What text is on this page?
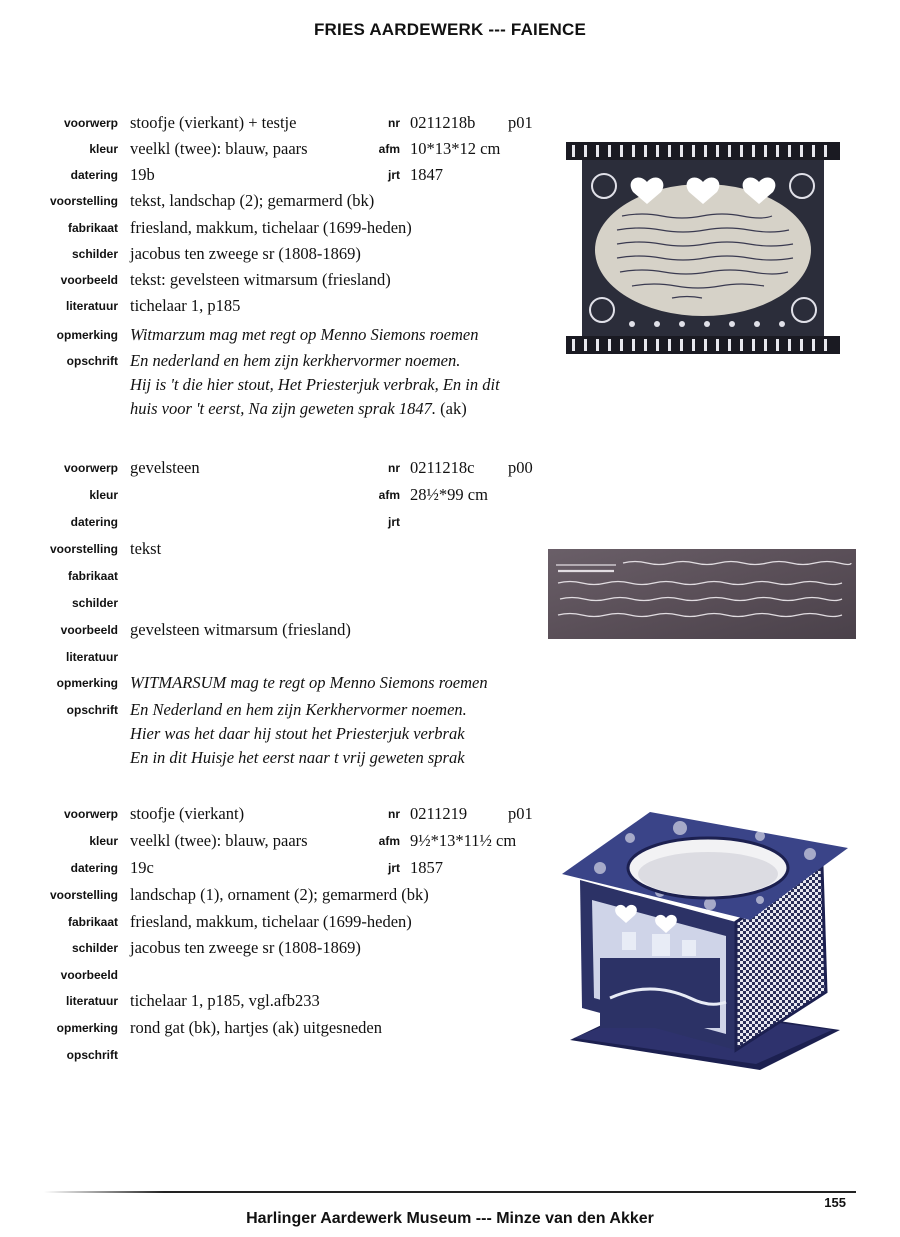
FRIES AARDEWERK --- FAIENCE
voorwerp stoofje (vierkant) + testje	nr 0211218b p01
kleur veelkl (twee): blauw, paars	afm 10*13*12 cm
datering 19b	jrt 1847
voorstelling tekst, landschap (2); gemarmerd (bk)
fabrikaat friesland, makkum, tichelaar (1699-heden)
schilder jacobus ten zweege sr (1808-1869)
voorbeeld tekst: gevelsteen witmarsum (friesland)
literatuur tichelaar 1, p185
opmerking Witmarzum mag met regt op Menno Siemons roemen
opschrift En nederland en hem zijn kerkhervormer noemen.
Hij is 't die hier stout, Het Priesterjuk verbrak, En in dit
huis voor 't eerst, Na zijn geweten sprak 1847. (ak)
voorwerp gevelsteen	nr 0211218c p00
kleur	afm 28½*99 cm
datering	jrt
voorstelling tekst
fabrikaat
schilder
voorbeeld gevelsteen witmarsum (friesland)
literatuur
opmerking WITMARSUM mag te regt op Menno Siemons roemen
opschrift En Nederland en hem zijn Kerkhervormer noemen.
Hier was het daar hij stout het Priesterjuk verbrak
En in dit Huisje het eerst naar t vrij geweten sprak
voorwerp stoofje (vierkant)	nr 0211219 p01
kleur veelkl (twee): blauw, paars	afm 9½*13*11½ cm
datering 19c	jrt 1857
voorstelling landschap (1), ornament (2); gemarmerd (bk)
fabrikaat friesland, makkum, tichelaar (1699-heden)
schilder jacobus ten zweege sr (1808-1869)
voorbeeld
literatuur tichelaar 1, p185, vgl.afb233
opmerking rond gat (bk), hartjes (ak) uitgesneden
opschrift
155
Harlinger Aardewerk Museum --- Minze van den Akker
